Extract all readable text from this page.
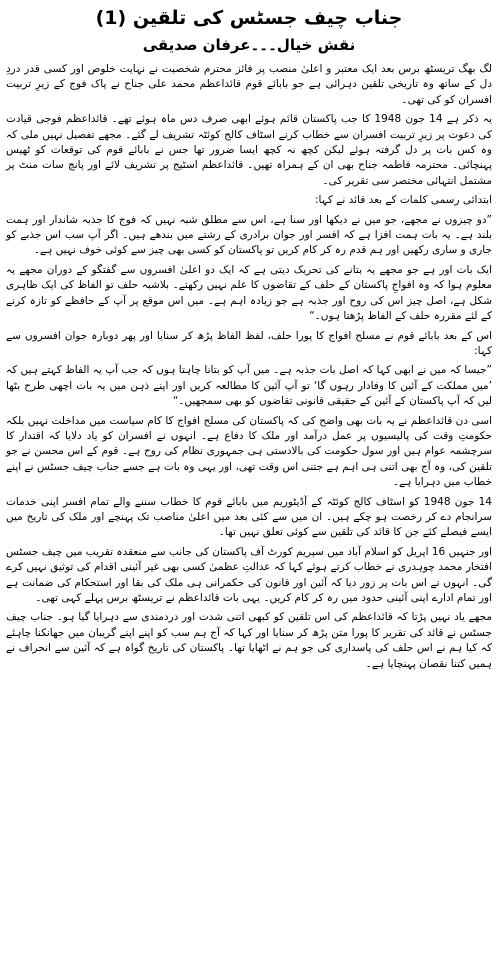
جناب چیف جسٹس کی تلقین (1)
نقش خیال۔۔۔عرفان صدیقی

لگ بھگ تریسٹھ برس بعد ایک معتبر و اعلیٰ منصب پر فائز محترم شخصیت نے نہایت خلوص اور کسی قدر دردِ دل کے ساتھ وہ تاریخی تلقین دہرائی ہے جو بابائے قوم قائداعظم محمد علی جناح نے پاک فوج کے زیرِ تربیت افسران کو کی تھی۔

یہ ذکر ہے 14 جون 1948 کا جب پاکستان قائم ہوئے ابھی صرف دس ماہ ہوئے تھے۔ قائداعظم فوجی قیادت کی دعوت پر زیرِ تربیت افسران سے خطاب کرنے اسٹاف کالج کوئٹہ تشریف لے گئے۔ مجھے تفصیل نہیں ملی کہ وہ کس بات پر دل گرفتہ ہوئے لیکن کچھ نہ کچھ ایسا ضرور تھا جس نے بابائے قوم کی توقعات کو ٹھیس پہنچائی۔ محترمہ فاطمہ جناح بھی ان کے ہمراہ تھیں۔ قائداعظم اسٹیج پر تشریف لائے اور پانچ سات منٹ پر مشتمل انتہائی مختصر سی تقریر کی۔

ابتدائی رسمی کلمات کے بعد قائد نے کہا:

”دو چیزوں نے مجھے، جو میں نے دیکھا اور سنا ہے، اس سے مطلق شبہ نہیں کہ فوج کا جذبہ شاندار اور ہمت بلند ہے۔ یہ بات ہمت افزا ہے کہ افسر اور جوان برادری کے رشتے میں بندھے ہیں۔ اگر آپ سب اس جذبے کو جاری و ساری رکھیں اور ہم قدم رہ کر کام کریں تو پاکستان کو کسی بھی چیز سے کوئی خوف نہیں ہے۔

ایک بات اور ہے جو مجھے یہ بتانے کی تحریک دیتی ہے کہ ایک دو اعلیٰ افسروں سے گفتگو کے دوران مجھے یہ معلوم ہوا کہ وہ افواجِ پاکستان کے حلف کے تقاضوں کا علم نہیں رکھتے۔ بلاشبہ حلف تو الفاظ کی ایک ظاہری شکل ہے، اصل چیز اس کی روح اور جذبہ ہے جو زیادہ اہم ہے۔ میں اس موقع پر آپ کے حافظے کو تازہ کرنے کے لئے مقررہ حلف کے الفاظ پڑھتا ہوں۔“

اس کے بعد بابائے قوم نے مسلح افواج کا پورا حلف، لفظ الفاظ پڑھ کر سنایا اور پھر دوبارہ جوان افسروں سے کہا:

”جیسا کہ میں نے ابھی کہا کہ اصل بات جذبہ ہے۔ میں آپ کو بتانا چاہتا ہوں کہ جب آپ یہ الفاظ کہتے ہیں کہ ’میں مملکت کے آئین کا وفادار رہوں گا‘ تو آپ آئین کا مطالعہ کریں اور اپنے ذہن میں یہ بات اچھی طرح بٹھا لیں کہ آپ پاکستان کے آئین کے حقیقی قانونی تقاضوں کو بھی سمجھیں۔“

اسی دن قائداعظم نے یہ بات بھی واضح کی کہ پاکستان کی مسلح افواج کا کام سیاست میں مداخلت نہیں بلکہ حکومتِ وقت کی پالیسیوں پر عمل درآمد اور ملک کا دفاع ہے۔ انہوں نے افسران کو یاد دلایا کہ اقتدار کا سرچشمہ عوام ہیں اور سول حکومت کی بالادستی ہی جمہوری نظام کی روح ہے۔ قوم کے اس محسن نے جو تلقین کی، وہ آج بھی اتنی ہی اہم ہے جتنی اس وقت تھی، اور یہی وہ بات ہے جسے جناب چیف جسٹس نے اپنے خطاب میں دہرایا ہے۔

14 جون 1948 کو اسٹاف کالج کوئٹہ کے آڈیٹوریم میں بابائے قوم کا خطاب سننے والے تمام افسر اپنی خدمات سرانجام دے کر رخصت ہو چکے ہیں۔ ان میں سے کئی بعد میں اعلیٰ مناصب تک پہنچے اور ملک کی تاریخ میں ایسے فیصلے کئے جن کا قائد کی تلقین سے کوئی تعلق نہیں تھا۔

اور جنہیں 16 اپریل کو اسلام آباد میں سپریم کورٹ آف پاکستان کی جانب سے منعقدہ تقریب میں چیف جسٹس افتخار محمد چوہدری نے خطاب کرتے ہوئے کہا کہ عدالتِ عظمیٰ کسی بھی غیر آئینی اقدام کی توثیق نہیں کرے گی۔ انہوں نے اس بات پر زور دیا کہ آئین اور قانون کی حکمرانی ہی ملک کی بقا اور استحکام کی ضمانت ہے اور تمام ادارے اپنی آئینی حدود میں رہ کر کام کریں۔ یہی بات قائداعظم نے تریسٹھ برس پہلے کہی تھی۔

مجھے یاد نہیں پڑتا کہ قائداعظم کی اس تلقین کو کبھی اتنی شدت اور دردمندی سے دہرایا گیا ہو۔ جناب چیف جسٹس نے قائد کی تقریر کا پورا متن پڑھ کر سنایا اور کہا کہ آج ہم سب کو اپنے اپنے گریبان میں جھانکنا چاہئے کہ کیا ہم نے اس حلف کی پاسداری کی جو ہم نے اٹھایا تھا۔ پاکستان کی تاریخ گواہ ہے کہ آئین سے انحراف نے ہمیں کتنا نقصان پہنچایا ہے۔
